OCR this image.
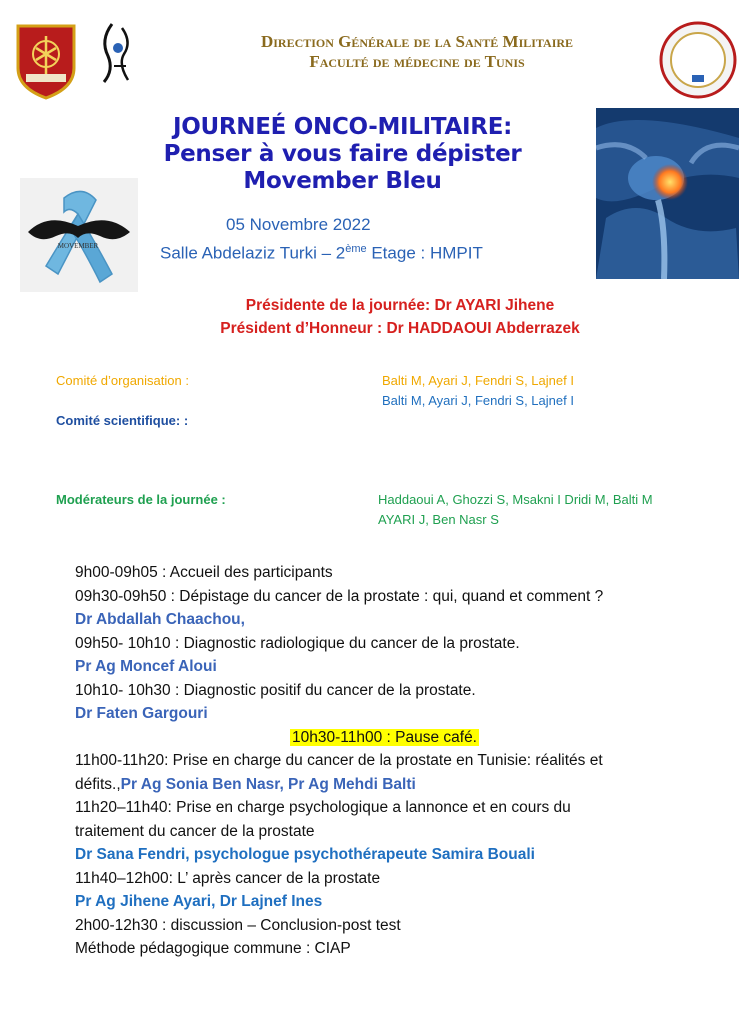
Direction Générale de la Santé Militaire
Faculté de médecine de Tunis
JOURNEÉ ONCO-MILITAIRE:
Penser à vous faire dépister
Movember Bleu
MOVEMBER
05 Novembre 2022
Salle Abdelaziz Turki – 2ème Etage : HMPIT
Présidente de la journée: Dr AYARI Jihene
Président d’Honneur : Dr HADDAOUI Abderrazek
Comité d’organisation :	Balti M, Ayari J, Fendri S, Lajnef I
Balti M, Ayari J, Fendri S, Lajnef I
Comité scientifique: :
Modérateurs de la journée :	Haddaoui A, Ghozzi S, Msakni I Dridi M, Balti M
AYARI J, Ben Nasr S
9h00-09h05 : Accueil des participants
09h30-09h50 : Dépistage du cancer de la prostate : qui, quand et comment ?
Dr Abdallah Chaachou,
09h50- 10h10 : Diagnostic radiologique du cancer de la prostate.
Pr Ag Moncef Aloui
10h10- 10h30 : Diagnostic positif du cancer de la prostate.
Dr Faten Gargouri
10h30-11h00 : Pause café.
11h00-11h20: Prise en charge du cancer de la prostate en Tunisie: réalités et
défits.,Pr Ag Sonia Ben Nasr, Pr Ag Mehdi Balti
11h20–11h40: Prise en charge psychologique a lannonce et en cours du
traitement du cancer de la prostate
Dr Sana Fendri, psychologue psychothérapeute Samira Bouali
11h40–12h00: L’ après cancer de la prostate
Pr Ag Jihene Ayari, Dr Lajnef Ines
2h00-12h30 : discussion – Conclusion-post test
Méthode pédagogique commune : CIAP
